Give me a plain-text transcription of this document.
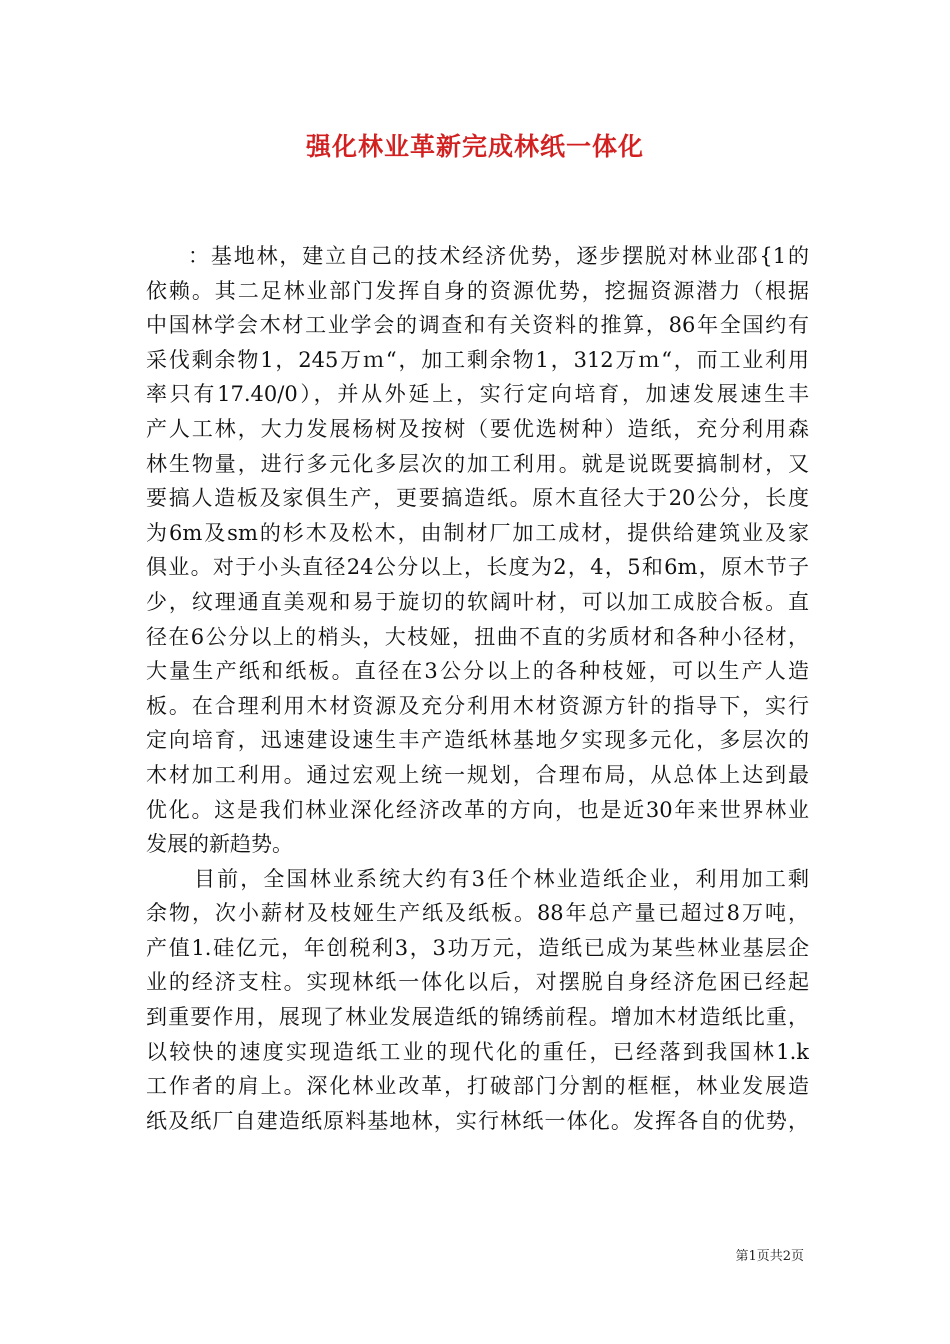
强化林业革新完成林纸一体化
：基地林，建立自己的技术经济优势，逐步摆脱对林业邵{1的
依赖。其二足林业部门发挥自身的资源优势，挖掘资源潜力（根据
中国林学会木材工业学会的调查和有关资料的推算，86年全国约有
采伐剩余物1，245万ｍ“，加工剩余物1，312万ｍ“，而工业利用
率只有17.40/0），并从外延上，实行定向培育，加速发展速生丰
产人工林，大力发展杨树及按树（要优选树种）造纸，充分利用森
林生物量，进行多元化多层次的加工利用。就是说既要搞制材，又
要搞人造板及家俱生产，更要搞造纸。原木直径大于20公分，长度
为6m及sm的杉木及松木，由制材厂加工成材，提供给建筑业及家
俱业。对于小头直径24公分以上，长度为2，4，5和6m，原木节子
少，纹理通直美观和易于旋切的软阔叶材，可以加工成胶合板。直
径在6公分以上的梢头，大枝娅，扭曲不直的劣质材和各种小径材，
大量生产纸和纸板。直径在3公分以上的各种枝娅，可以生产人造
板。在合理利用木材资源及充分利用木材资源方针的指导下，实行
定向培育，迅速建设速生丰产造纸林基地夕实现多元化，多层次的
木材加工利用。通过宏观上统一规划，合理布局，从总体上达到最
优化。这是我们林业深化经济改革的方向，也是近30年来世界林业
发展的新趋势。
目前，全国林业系统大约有3任个林业造纸企业，利用加工剩
余物，次小薪材及枝娅生产纸及纸板。88年总产量已超过8万吨，
产值1.硅亿元，年创税利3，3功万元，造纸已成为某些林业基层企
业的经济支柱。实现林纸一体化以后，对摆脱自身经济危困已经起
到重要作用，展现了林业发展造纸的锦绣前程。增加木材造纸比重，
以较快的速度实现造纸工业的现代化的重任，已经落到我国林1.k
工作者的肩上。深化林业改革，打破部门分割的框框，林业发展造
纸及纸厂自建造纸原料基地林，实行林纸一体化。发挥各自的优势，
第1页共2页
